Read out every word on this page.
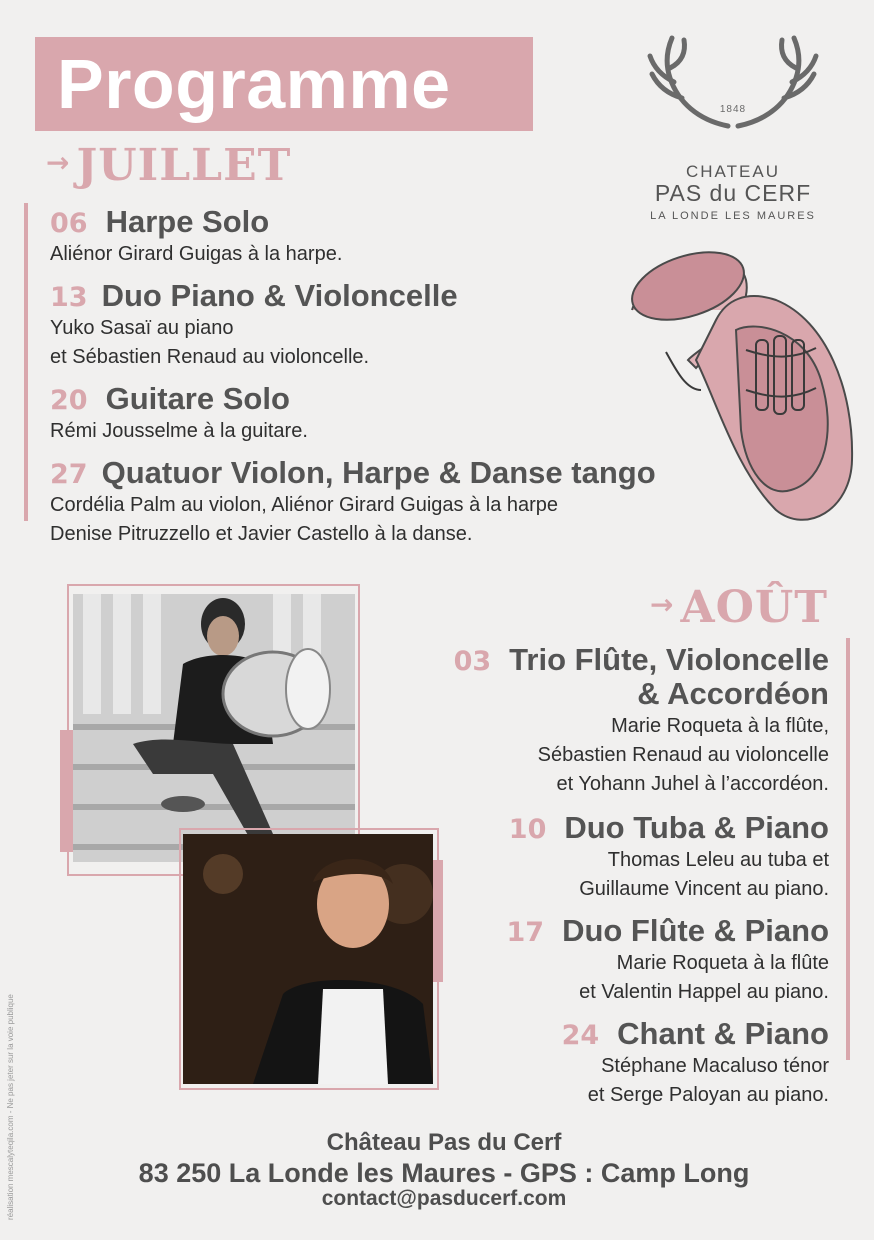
Programme	1848
CHATEAU
PAS du CERF
LA LONDE LES MAURES
→ JUILLET
06 Harpe Solo
Aliénor Girard Guigas à la harpe.
13 Duo Piano & Violoncelle
Yuko Sasaï au piano
et Sébastien Renaud au violoncelle.
20 Guitare Solo
Rémi Jousselme à la guitare.
27 Quatuor Violon, Harpe & Danse tango
Cordélia Palm au violon, Aliénor Girard Guigas à la harpe
Denise Pitruzzello et Javier Castello à la danse.
→ AOÛT
03 Trio Flûte, Violoncelle
& Accordéon
Marie Roqueta à la flûte,
Sébastien Renaud au violoncelle
et Yohann Juhel à l’accordéon.
10 Duo Tuba & Piano
Thomas Leleu au tuba et
Guillaume Vincent au piano.
17 Duo Flûte & Piano
Marie Roqueta à la flûte
et Valentin Happel au piano.
24 Chant & Piano
Stéphane Macaluso ténor
et Serge Paloyan au piano.
réalisation mescalyteqila.com - Ne pas jeter sur la voie publique	Château Pas du Cerf
83 250 La Londe les Maures - GPS : Camp Long
contact@pasducerf.com
